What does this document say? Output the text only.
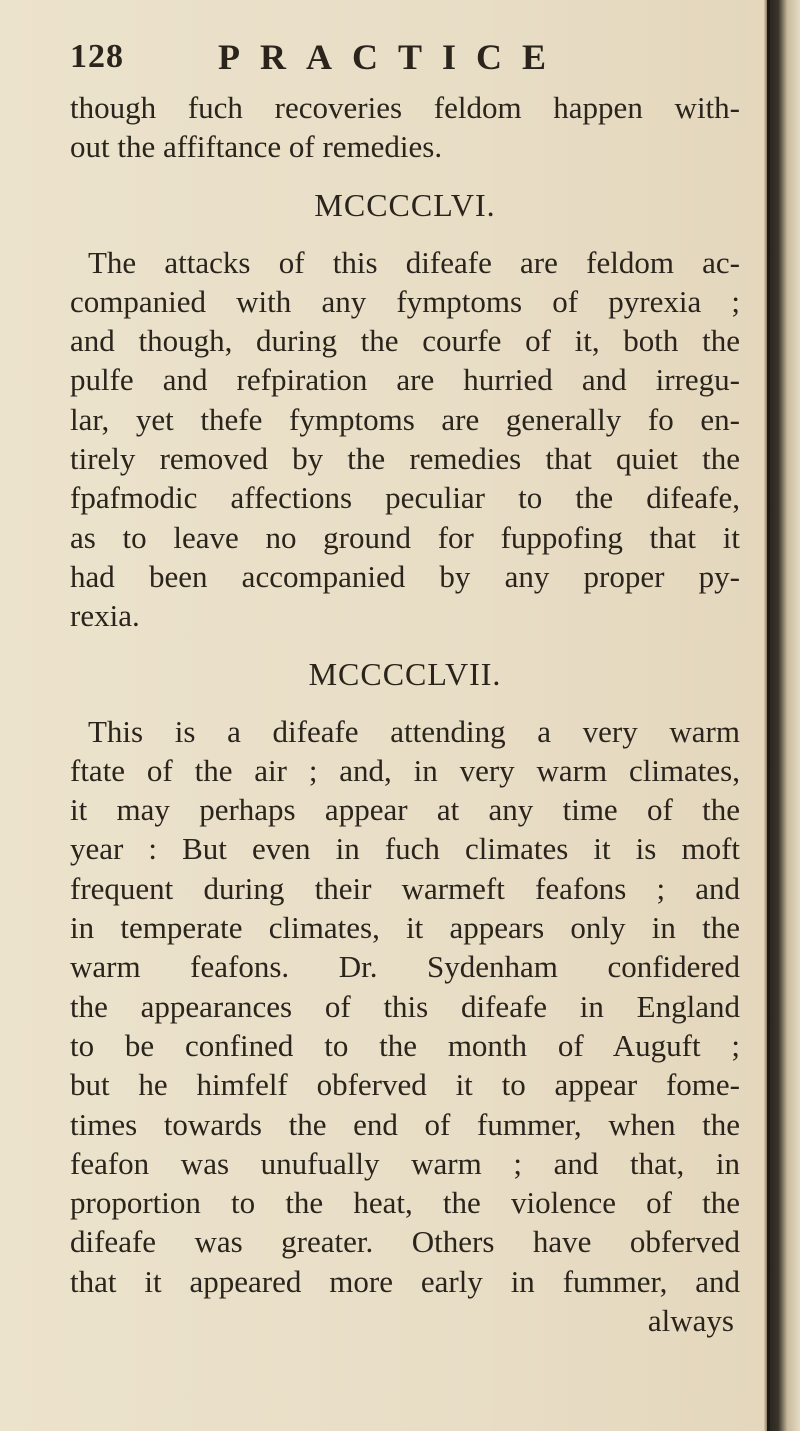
128	PRACTICE
though fuch recoveries feldom happen with-
out the affiftance of remedies.
MCCCCLVI.
The attacks of this difeafe are feldom ac-
companied with any fymptoms of pyrexia ;
and though, during the courfe of it, both the
pulfe and refpiration are hurried and irregu-
lar, yet thefe fymptoms are generally fo en-
tirely removed by the remedies that quiet the
fpafmodic affections peculiar to the difeafe,
as to leave no ground for fuppofing that it
had been accompanied by any proper py-
rexia.
MCCCCLVII.
This is a difeafe attending a very warm
ftate of the air ; and, in very warm climates,
it may perhaps appear at any time of the
year : But even in fuch climates it is moft
frequent during their warmeft feafons ; and
in temperate climates, it appears only in the
warm feafons. Dr. Sydenham confidered
the appearances of this difeafe in England
to be confined to the month of Auguft ;
but he himfelf obferved it to appear fome-
times towards the end of fummer, when the
feafon was unufually warm ; and that, in
proportion to the heat, the violence of the
difeafe was greater. Others have obferved
that it appeared more early in fummer, and
always
